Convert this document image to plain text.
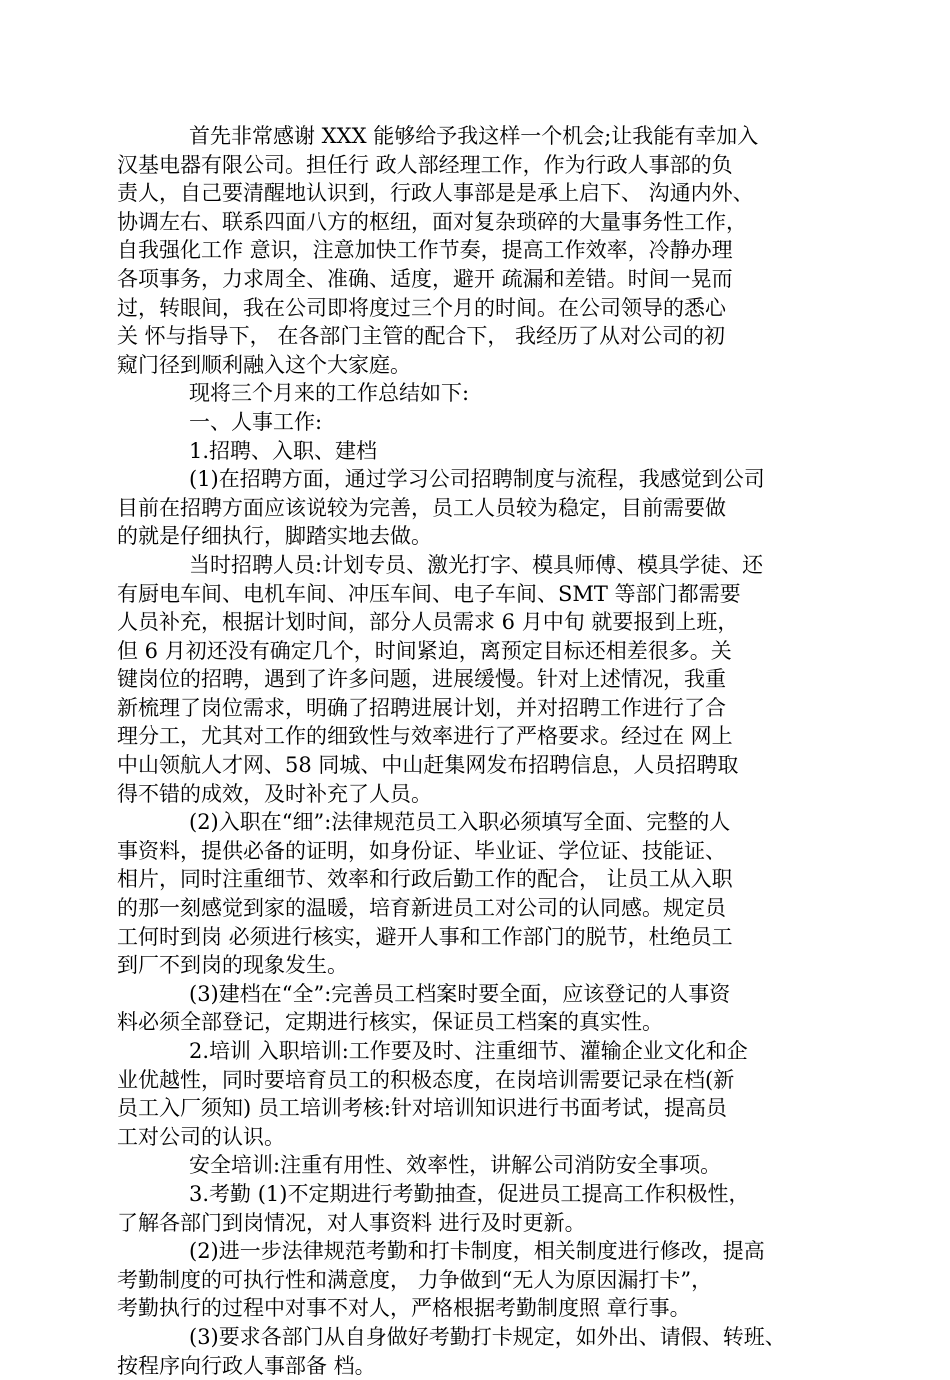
首先非常感谢 XXX 能够给予我这样一个机会;让我能有幸加入
汉基电器有限公司。担任行 政人部经理工作，作为行政人事部的负
责人，自己要清醒地认识到，行政人事部是是承上启下、 沟通内外、
协调左右、联系四面八方的枢纽，面对复杂琐碎的大量事务性工作，
自我强化工作 意识，注意加快工作节奏，提高工作效率，冷静办理
各项事务，力求周全、准确、适度，避开 疏漏和差错。时间一晃而
过，转眼间，我在公司即将度过三个月的时间。在公司领导的悉心
关 怀与指导下， 在各部门主管的配合下， 我经历了从对公司的初
窥门径到顺利融入这个大家庭。
现将三个月来的工作总结如下:
一、人事工作:
1.招聘、入职、建档
(1)在招聘方面，通过学习公司招聘制度与流程，我感觉到公司
目前在招聘方面应该说较为完善，员工人员较为稳定，目前需要做
的就是仔细执行，脚踏实地去做。
当时招聘人员:计划专员、激光打字、模具师傅、模具学徒、还
有厨电车间、电机车间、冲压车间、电子车间、SMT 等部门都需要
人员补充，根据计划时间，部分人员需求 6 月中旬 就要报到上班，
但 6 月初还没有确定几个，时间紧迫，离预定目标还相差很多。关
键岗位的招聘，遇到了许多问题，进展缓慢。针对上述情况，我重
新梳理了岗位需求，明确了招聘进展计划，并对招聘工作进行了合
理分工，尤其对工作的细致性与效率进行了严格要求。经过在 网上
中山领航人才网、58 同城、中山赶集网发布招聘信息，人员招聘取
得不错的成效，及时补充了人员。
(2)入职在“细”:法律规范员工入职必须填写全面、完整的人
事资料，提供必备的证明，如身份证、毕业证、学位证、技能证、
相片，同时注重细节、效率和行政后勤工作的配合， 让员工从入职
的那一刻感觉到家的温暖，培育新进员工对公司的认同感。规定员
工何时到岗 必须进行核实，避开人事和工作部门的脱节，杜绝员工
到厂不到岗的现象发生。
(3)建档在“全”:完善员工档案时要全面，应该登记的人事资
料必须全部登记，定期进行核实，保证员工档案的真实性。
2.培训 入职培训:工作要及时、注重细节、灌输企业文化和企
业优越性，同时要培育员工的积极态度，在岗培训需要记录在档(新
员工入厂须知) 员工培训考核:针对培训知识进行书面考试，提高员
工对公司的认识。
安全培训:注重有用性、效率性，讲解公司消防安全事项。
3.考勤 (1)不定期进行考勤抽查，促进员工提高工作积极性，
了解各部门到岗情况，对人事资料 进行及时更新。
(2)进一步法律规范考勤和打卡制度，相关制度进行修改，提高
考勤制度的可执行性和满意度， 力争做到“无人为原因漏打卡”，
考勤执行的过程中对事不对人，严格根据考勤制度照 章行事。
(3)要求各部门从自身做好考勤打卡规定，如外出、请假、转班、
按程序向行政人事部备 档。
